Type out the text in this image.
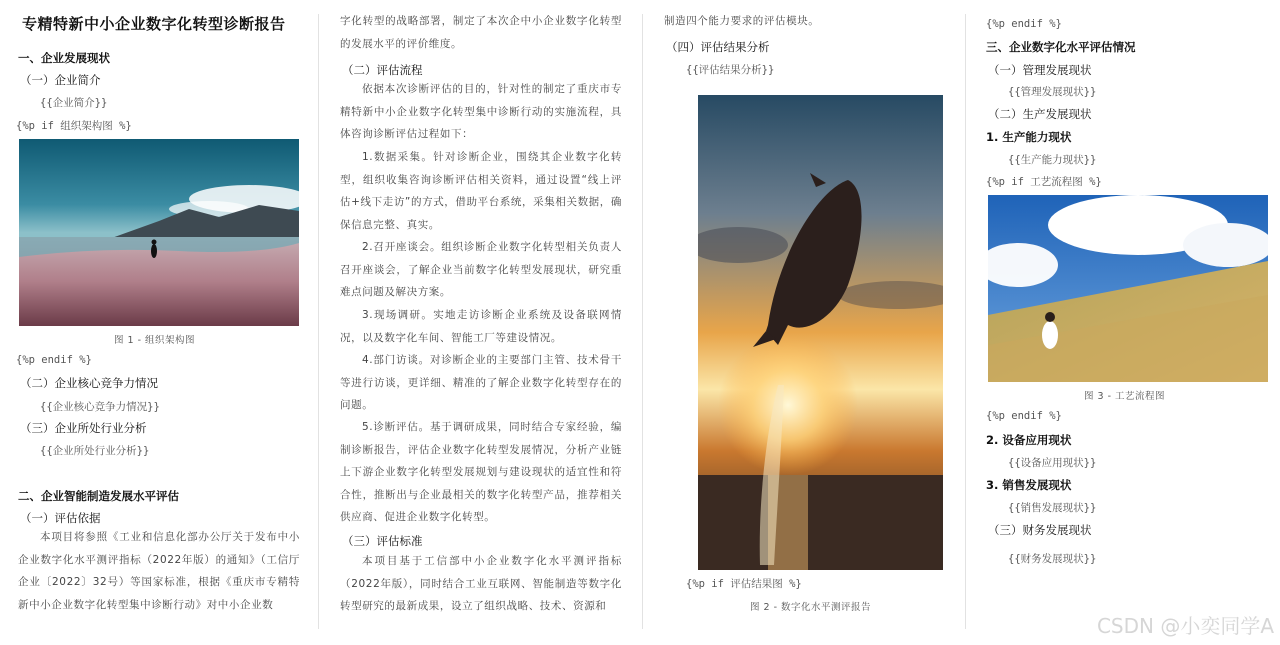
专精特新中小企业数字化转型诊断报告
一、企业发展现状
（一）企业简介
{{企业简介}}
{%p if 组织架构图 %}
图 1 - 组织架构图
{%p endif %}
（二）企业核心竞争力情况
{{企业核心竞争力情况}}
（三）企业所处行业分析
{{企业所处行业分析}}
二、企业智能制造发展水平评估
（一）评估依据
本项目将参照《工业和信息化部办公厅关于发布中小企业数字化水平测评指标（2022年版）的通知》（工信厅企业〔2022〕32号）等国家标准，根据《重庆市专精特新中小企业数字化转型集中诊断行动》对中小企业数
字化转型的战略部署，制定了本次企中小企业数字化转型的发展水平的评价维度。
（二）评估流程
依据本次诊断评估的目的，针对性的制定了重庆市专精特新中小企业数字化转型集中诊断行动的实施流程，具体咨询诊断评估过程如下：
1.数据采集。针对诊断企业，围绕其企业数字化转型，组织收集咨询诊断评估相关资料，通过设置“线上评估+线下走访”的方式，借助平台系统，采集相关数据，确保信息完整、真实。
2.召开座谈会。组织诊断企业数字化转型相关负责人召开座谈会，了解企业当前数字化转型发展现状，研究重难点问题及解决方案。
3.现场调研。实地走访诊断企业系统及设备联网情况，以及数字化车间、智能工厂等建设情况。
4.部门访谈。对诊断企业的主要部门主管、技术骨干等进行访谈，更详细、精准的了解企业数字化转型存在的问题。
5.诊断评估。基于调研成果，同时结合专家经验，编制诊断报告，评估企业数字化转型发展情况，分析产业链上下游企业数字化转型发展规划与建设现状的适宜性和符合性，推断出与企业最相关的数字化转型产品，推荐相关供应商、促进企业数字化转型。
（三）评估标准
本项目基于工信部中小企业数字化水平测评指标（2022年版），同时结合工业互联网、智能制造等数字化转型研究的最新成果，设立了组织战略、技术、资源和
制造四个能力要求的评估模块。
（四）评估结果分析
{{评估结果分析}}
{%p if 评估结果图 %}
图 2 - 数字化水平测评报告
{%p endif %}
三、企业数字化水平评估情况
（一）管理发展现状
{{管理发展现状}}
（二）生产发展现状
1. 生产能力现状
{{生产能力现状}}
{%p if 工艺流程图 %}
图 3 - 工艺流程图
{%p endif %}
2. 设备应用现状
{{设备应用现状}}
3. 销售发展现状
{{销售发展现状}}
（三）财务发展现状
{{财务发展现状}}
CSDN @小奕同学A
